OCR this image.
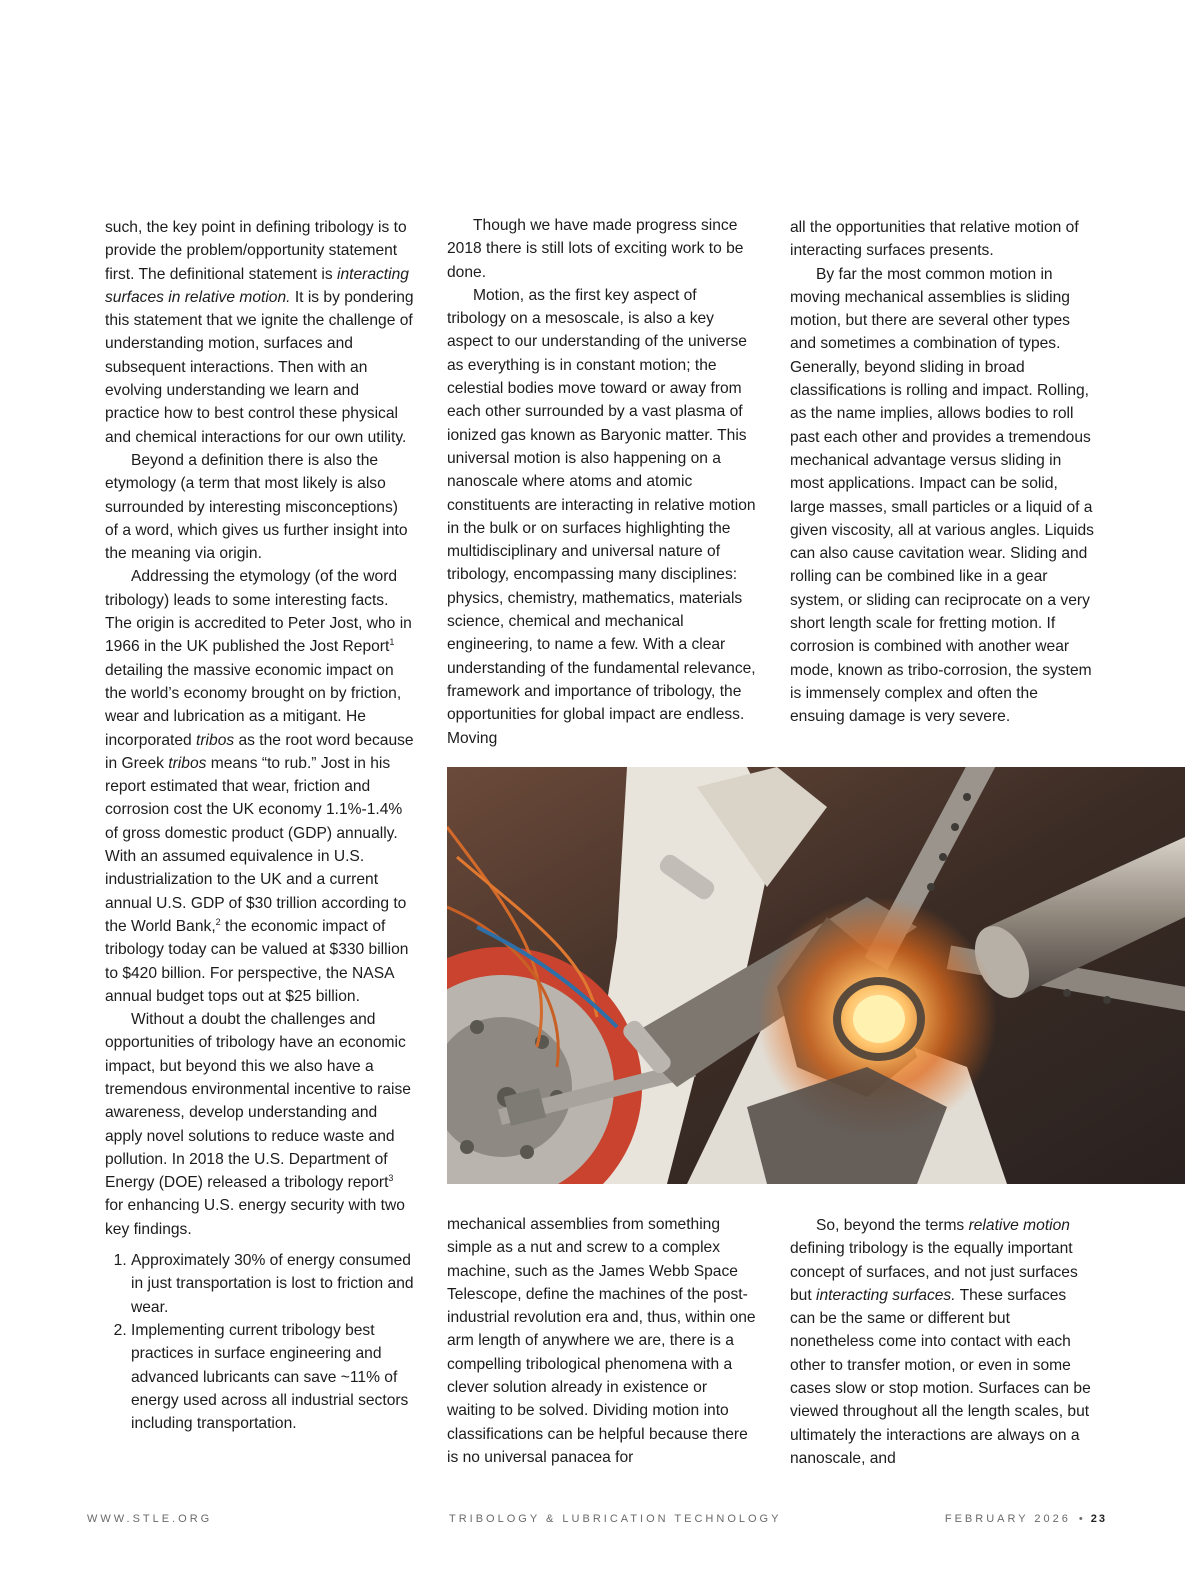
such, the key point in defining tribology is to provide the problem/opportunity statement first. The definitional statement is interacting surfaces in relative motion. It is by pondering this statement that we ignite the challenge of understanding motion, surfaces and subsequent interactions. Then with an evolving understanding we learn and practice how to best control these physical and chemical interactions for our own utility.

Beyond a definition there is also the etymology (a term that most likely is also surrounded by interesting misconceptions) of a word, which gives us further insight into the meaning via origin.

Addressing the etymology (of the word tribology) leads to some interesting facts. The origin is accredited to Peter Jost, who in 1966 in the UK published the Jost Report$^1$ detailing the massive economic impact on the world’s economy brought on by friction, wear and lubrication as a mitigant. He incorporated tribos as the root word because in Greek tribos means “to rub.” Jost in his report estimated that wear, friction and corrosion cost the UK economy 1.1%-1.4% of gross domestic product (GDP) annually. With an assumed equivalence in U.S. industrialization to the UK and a current annual U.S. GDP of $30 trillion according to the World Bank,$^2$ the economic impact of tribology today can be valued at $330 billion to $420 billion. For perspective, the NASA annual budget tops out at $25 billion.

Without a doubt the challenges and opportunities of tribology have an economic impact, but beyond this we also have a tremendous environmental incentive to raise awareness, develop understanding and apply novel solutions to reduce waste and pollution. In 2018 the U.S. Department of Energy (DOE) released a tribology report$^3$ for enhancing U.S. energy security with two key findings.

1. Approximately 30% of energy consumed in just transportation is lost to friction and wear.
2. Implementing current tribology best practices in surface engineering and advanced lubricants can save ~11% of energy used across all industrial sectors including transportation.

Though we have made progress since 2018 there is still lots of exciting work to be done.

Motion, as the first key aspect of tribology on a mesoscale, is also a key aspect to our understanding of the universe as everything is in constant motion; the celestial bodies move toward or away from each other surrounded by a vast plasma of ionized gas known as Baryonic matter. This universal motion is also happening on a nanoscale where atoms and atomic constituents are interacting in relative motion in the bulk or on surfaces highlighting the multidisciplinary and universal nature of tribology, encompassing many disciplines: physics, chemistry, mathematics, materials science, chemical and mechanical engineering, to name a few. With a clear understanding of the fundamental relevance, framework and importance of tribology, the opportunities for global impact are endless. Moving

all the opportunities that relative motion of interacting surfaces presents.

By far the most common motion in moving mechanical assemblies is sliding motion, but there are several other types and sometimes a combination of types. Generally, beyond sliding in broad classifications is rolling and impact. Rolling, as the name implies, allows bodies to roll past each other and provides a tremendous mechanical advantage versus sliding in most applications. Impact can be solid, large masses, small particles or a liquid of a given viscosity, all at various angles. Liquids can also cause cavitation wear. Sliding and rolling can be combined like in a gear system, or sliding can reciprocate on a very short length scale for fretting motion. If corrosion is combined with another wear mode, known as tribo-corrosion, the system is immensely complex and often the ensuing damage is very severe.

mechanical assemblies from something simple as a nut and screw to a complex machine, such as the James Webb Space Telescope, define the machines of the post-industrial revolution era and, thus, within one arm length of anywhere we are, there is a compelling tribological phenomena with a clever solution already in existence or waiting to be solved. Dividing motion into classifications can be helpful because there is no universal panacea for

So, beyond the terms relative motion defining tribology is the equally important concept of surfaces, and not just surfaces but interacting surfaces. These surfaces can be the same or different but nonetheless come into contact with each other to transfer motion, or even in some cases slow or stop motion. Surfaces can be viewed throughout all the length scales, but ultimately the interactions are always on a nanoscale, and

WWW.STLE.ORG	TRIBOLOGY & LUBRICATION TECHNOLOGY	FEBRUARY 2026 • 23
